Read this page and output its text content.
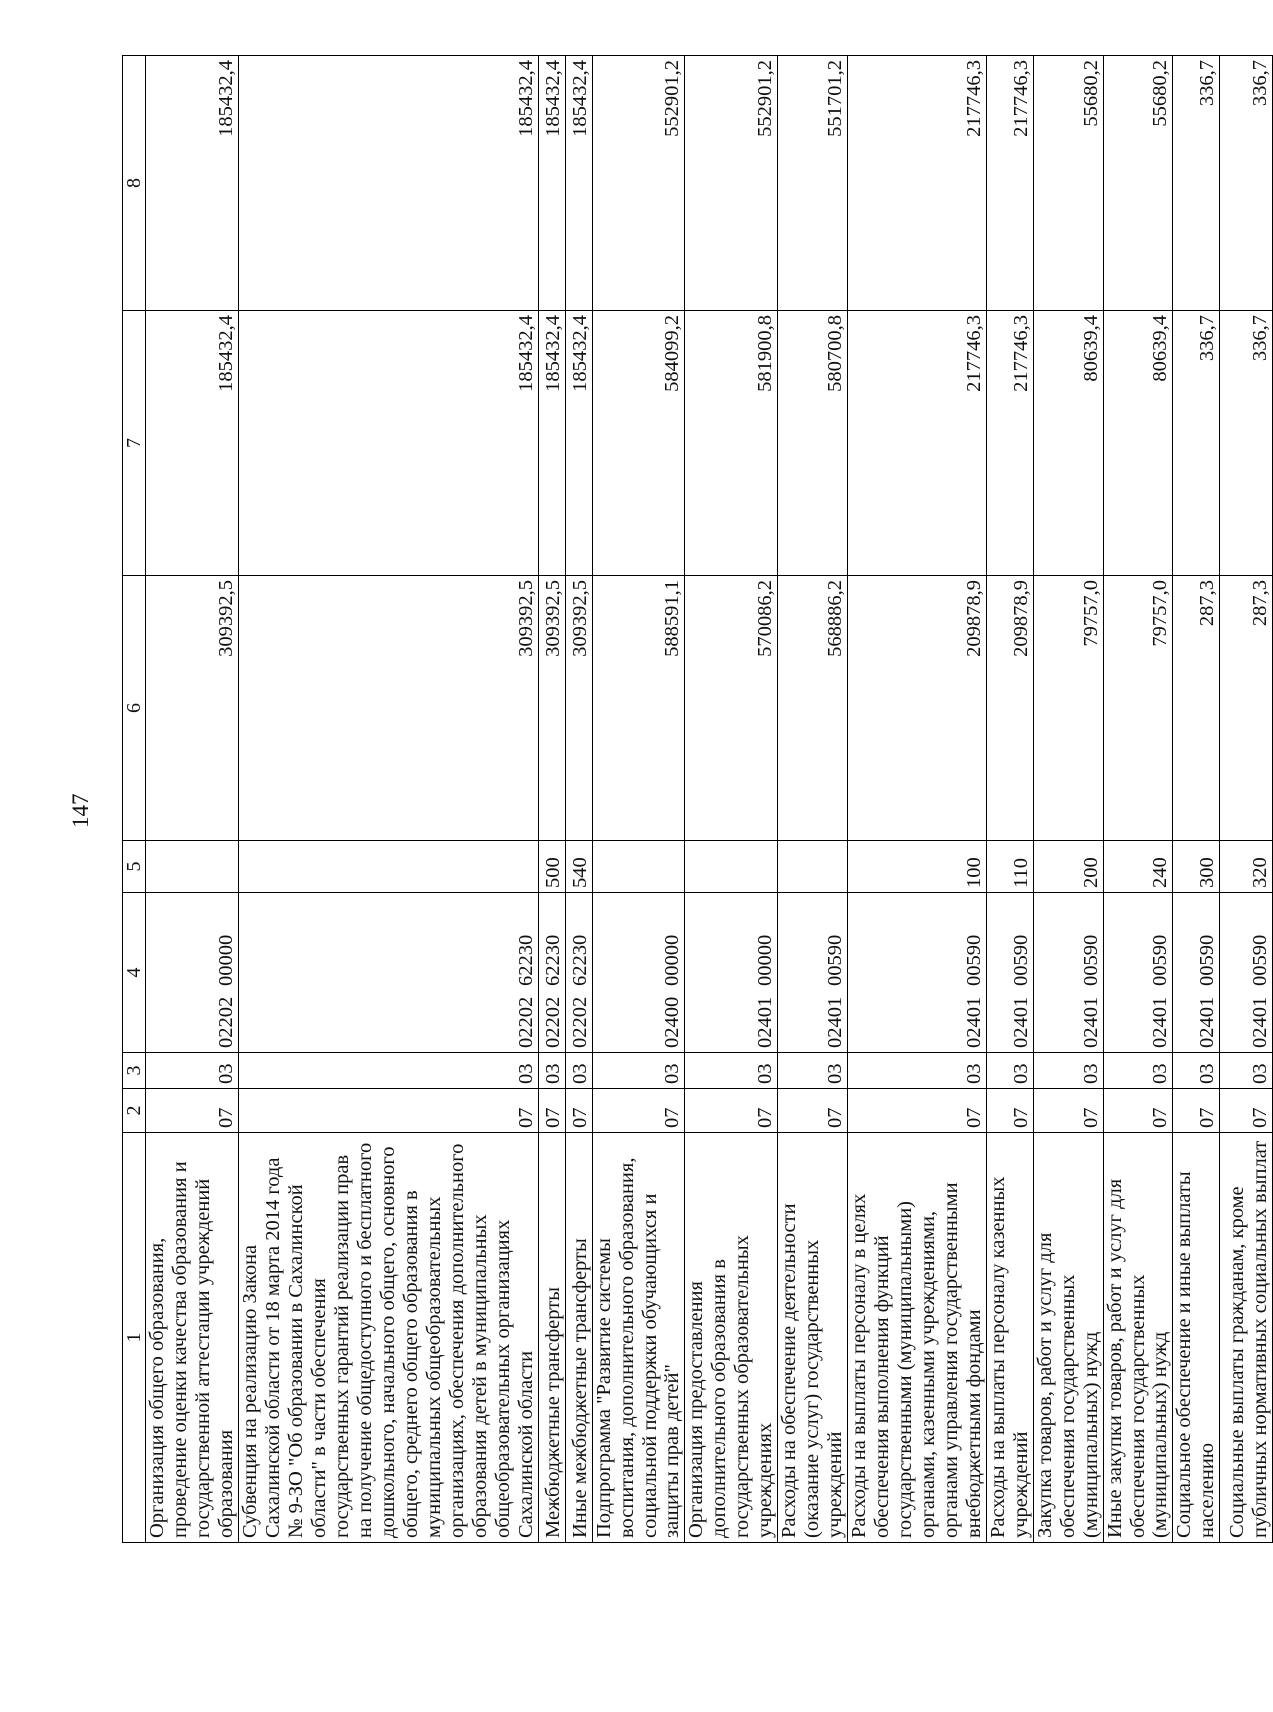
147
1	2	3	4	5	6	7	8
Организация общего образования, проведение оценки качества образования и государственной аттестации учреждений образования	07	03	0220200000		309392,5	185432,4	185432,4
Субвенция на реализацию Закона Сахалинской области от 18 марта 2014 года № 9-ЗО "Об образовании в Сахалинской области" в части обеспечения государственных гарантий реализации прав на получение общедоступного и бесплатного дошкольного, начального общего, основного общего, среднего общего образования в муниципальных общеобразовательных организациях, обеспечения дополнительного образования детей в муниципальных общеобразовательных организациях Сахалинской области	07	03	0220262230		309392,5	185432,4	185432,4
Межбюджетные трансферты	07	03	0220262230	500	309392,5	185432,4	185432,4
Иные межбюджетные трансферты	07	03	0220262230	540	309392,5	185432,4	185432,4
Подпрограмма "Развитие системы воспитания, дополнительного образования, социальной поддержки обучающихся и защиты прав детей"	07	03	0240000000		588591,1	584099,2	552901,2
Организация предоставления дополнительного образования в государственных образовательных учреждениях	07	03	0240100000		570086,2	581900,8	552901,2
Расходы на обеспечение деятельности (оказание услуг) государственных учреждений	07	03	0240100590		568886,2	580700,8	551701,2
Расходы на выплаты персоналу в целях обеспечения выполнения функций государственными (муниципальными) органами, казенными учреждениями, органами управления государственными внебюджетными фондами	07	03	0240100590	100	209878,9	217746,3	217746,3
Расходы на выплаты персоналу казенных учреждений	07	03	0240100590	110	209878,9	217746,3	217746,3
Закупка товаров, работ и услуг для обеспечения государственных (муниципальных) нужд	07	03	0240100590	200	79757,0	80639,4	55680,2
Иные закупки товаров, работ и услуг для обеспечения государственных (муниципальных) нужд	07	03	0240100590	240	79757,0	80639,4	55680,2
Социальное обеспечение и иные выплаты населению	07	03	0240100590	300	287,3	336,7	336,7
Социальные выплаты гражданам, кроме публичных нормативных социальных выплат	07	03	0240100590	320	287,3	336,7	336,7
